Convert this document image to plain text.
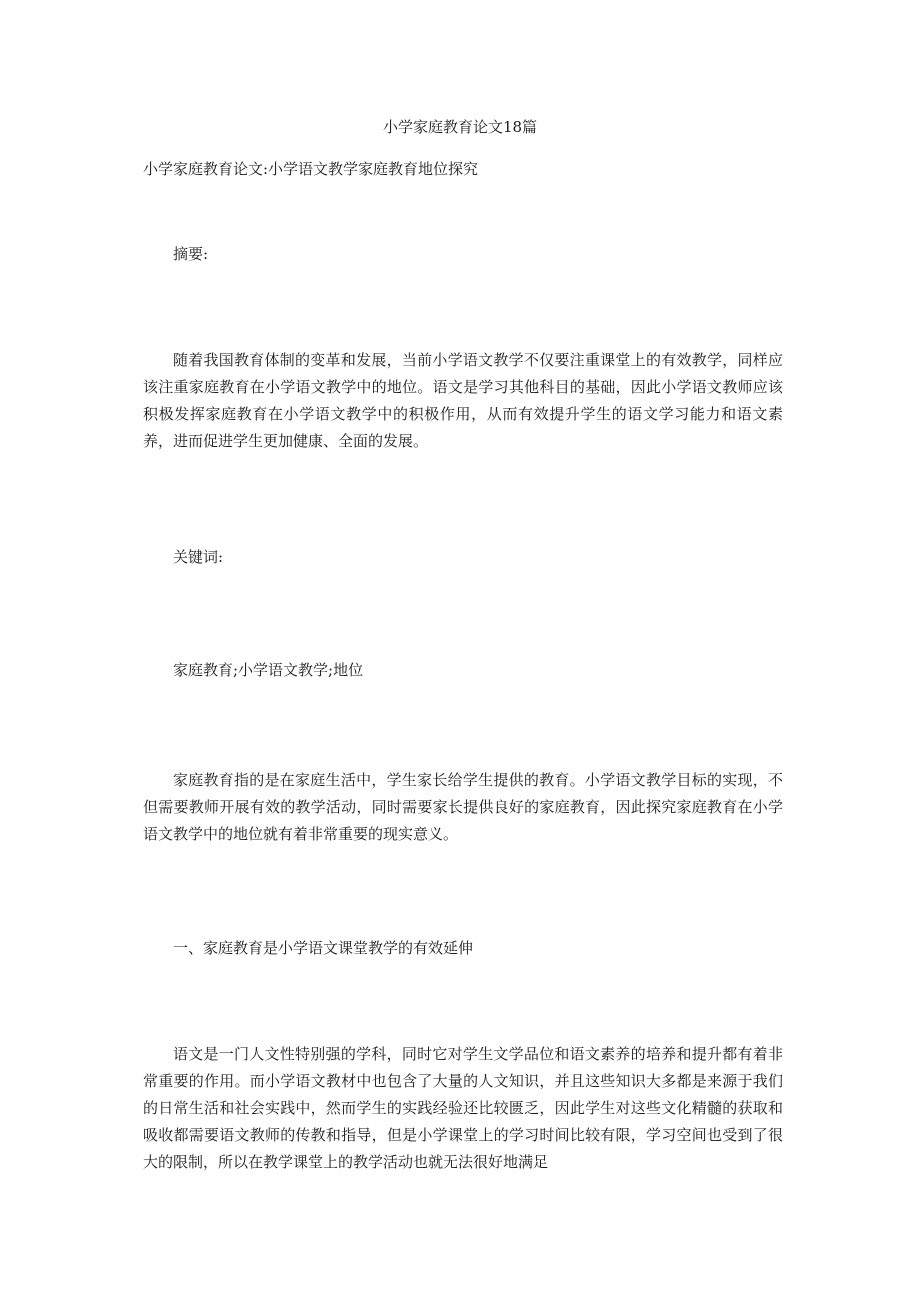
小学家庭教育论文18篇
小学家庭教育论文:小学语文教学家庭教育地位探究
摘要:

随着我国教育体制的变革和发展，当前小学语文教学不仅要注重课堂上的有效教学，同样应该注重家庭教育在小学语文教学中的地位。语文是学习其他科目的基础，因此小学语文教师应该积极发挥家庭教育在小学语文教学中的积极作用，从而有效提升学生的语文学习能力和语文素养，进而促进学生更加健康、全面的发展。

关键词:
家庭教育;小学语文教学;地位

家庭教育指的是在家庭生活中，学生家长给学生提供的教育。小学语文教学目标的实现，不但需要教师开展有效的教学活动，同时需要家长提供良好的家庭教育，因此探究家庭教育在小学语文教学中的地位就有着非常重要的现实意义。

一、家庭教育是小学语文课堂教学的有效延伸

语文是一门人文性特别强的学科，同时它对学生文学品位和语文素养的培养和提升都有着非常重要的作用。而小学语文教材中也包含了大量的人文知识，并且这些知识大多都是来源于我们的日常生活和社会实践中，然而学生的实践经验还比较匮乏，因此学生对这些文化精髓的获取和吸收都需要语文教师的传教和指导，但是小学课堂上的学习时间比较有限，学习空间也受到了很大的限制，所以在教学课堂上的教学活动也就无法很好地满足
